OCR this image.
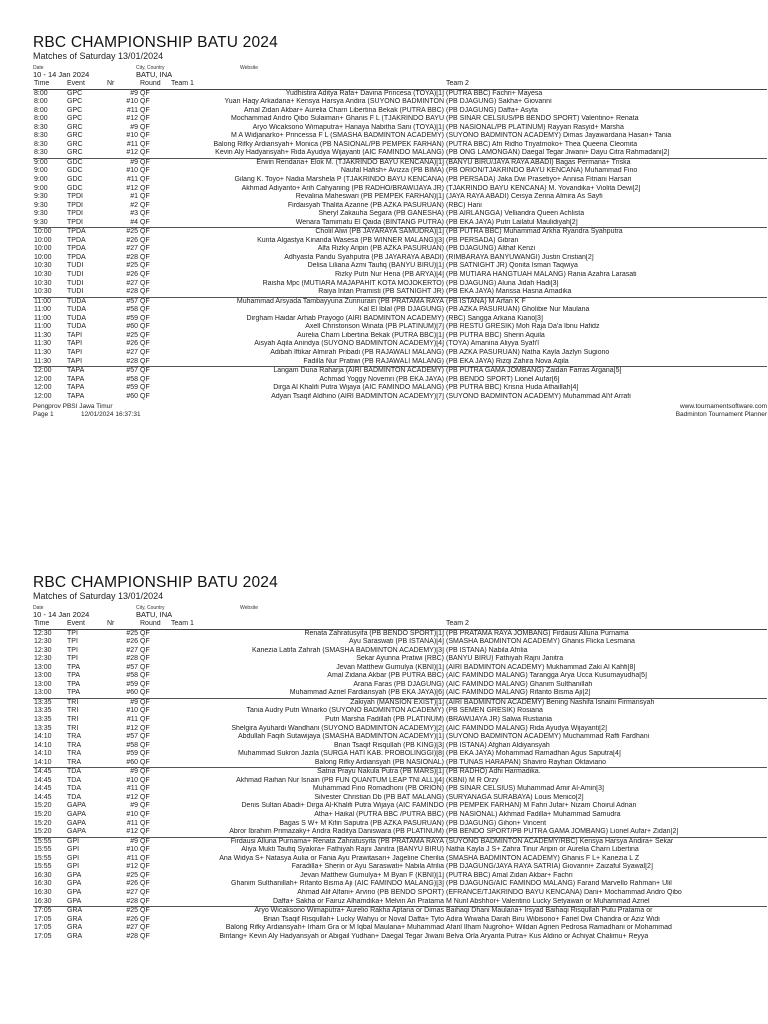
RBC CHAMPIONSHIP BATU 2024
Matches of Saturday 13/01/2024
Date
10 - 14 Jan 2024
City, Country
BATU, INA
Website
Time	Event	Nr	Round	Team 1	Team 2
8:00	GPC	#9	QF	Yudhistira Aditya Rafa+ Davina Princesa (TOYA)[1]	(PUTRA BBC) Fachri+ Mayesa
8:00	GPC	#10	QF	Yuan Haqy Arkadana+ Kensya Harsya Andira (SUYONO BADMINTON	(PB DJAGUNG) Sakha+ Giovanni
8:00	GPC	#11	QF	Amal Zidan Akbar+ Aurelia Charn Libertina Bekak (PUTRA BBC)	(PB DJAGUNG) Daffa+ Asyfa
8:00	GPC	#12	QF	Mochammad Andro Qibo Sulaiman+ Ghanis F L (TJAKRINDO BAYU	(PB SINAR CELSIUS/PB BENDO SPORT) Valentino+ Renata
8:30	GRC	#9	QF	Aryo Wicaksono Wimaputra+ Hanaya Nabitha Sani (TOYA)[1]	(PB NASIONAL/PB PLATINUM) Rayyan Rasyid+ Marsha
8:30	GRC	#10	QF	M A Widjanarko+ Princessa F L (SMASHA BADMINTON ACADEMY)	(SUYONO BADMINTON ACADEMY) Dimas Jayawardana Hasan+ Tania
8:30	GRC	#11	QF	Balong Rifky Ardiansyah+ Monica (PB NASIONAL/PB PEMPEK FARHAN)	(PUTRA BBC) Afri Ridho Triyatmoko+ Thea Queena Cleomita
8:30	GRC	#12	QF	Kevin Aly Hadyansyah+ Rida Ayudya Wijayanti (AIC FAMINDO MALANG)	(PB ONG LAMONGAN) Daegal Tegar Jiwani+ Dayu Citra Rahmadani[2]
9:00	GDC	#9	QF	Erwin Rendana+ Elok M. (TJAKRINDO BAYU KENCANA)[1]	(BANYU BIRU/JAYA RAYA ABADI) Bagas Permana+ Triska
9:00	GDC	#10	QF	Naufal Hafish+ Avizza (PB BIMA)	(PB ORION/TJAKRINDO BAYU KENCANA) Muhammad Fino
9:00	GDC	#11	QF	Gilang K. Toyo+ Nadia Marshela P (TJAKRINDO BAYU KENCANA)	(PB PERSADA) Jaka Dwi Prasetiyo+ Annisa Fitriani Harsari
9:00	GDC	#12	QF	Akhmad Adiyanto+ Arih Cahyaning (PB RADHO/BRAWIJAYA JR)	(TJAKRINDO BAYU KENCANA) M. Yovandika+ Violita Dewi[2]
9:30	TPDI	#1	QF	Revalina Maheswari (PB PEMPEK FARHAN)[1]	(JAYA RAYA ABADI) Ceisya Zerina Almira As Sayfi
9:30	TPDI	#2	QF	Firdaisyah Thalita Azarine (PB AZKA PASURUAN)	(RBC) Hani
9:30	TPDI	#3	QF	Sheryl Zakauha Segara (PB GANESHA)	(PB AIRLANGGA) Velliandra Queen Achlista
9:30	TPDI	#4	QF	Wenara Tamimatu El Qaida (BINTANG PUTRA)	(PB EKA JAYA) Putri Lailatul Maulidiyah[2]
10:00	TPDA	#25	QF	Cholil Alwi (PB JAYARAYA SAMUDRA)[1]	(PB PUTRA BBC) Muhammad Arkha Ryandra Syahputra
10:00	TPDA	#26	QF	Kunta Algastya Kinanda Wasesa (PB WINNER MALANG)[3]	(PB PERSADA) Gibran
10:00	TPDA	#27	QF	Alfa Rizky Aripin (PB AZKA PASURUAN)	(PB DJAGUNG) Althaf Kenzi
10:00	TPDA	#28	QF	Adhyasta Pandu Syahputra (PB JAYARAYA ABADI)	(RIMBARAYA BANYUWANGI) Justin Cristian[2]
10:30	TUDI	#25	QF	Delisa Liliana Azmi Taufiq (BANYU BIRU)[1]	(PB SATNIGHT JR) Qonita Isman Taqwiya
10:30	TUDI	#26	QF	Rizky Putri Nur Hena (PB ARYA)[4]	(PB MUTIARA HANGTUAH MALANG) Rania Azahra Larasati
10:30	TUDI	#27	QF	Raisha Mpc (MUTIARA MAJAPAHIT KOTA MOJOKERTO)	(PB DJAGUNG) Aluna Jidah Hadi[3]
10:30	TUDI	#28	QF	Raiya Intan Pramisti (PB SATNIGHT JR)	(PB EKA JAYA) Marissa Hasna Amadika
11:00	TUDA	#57	QF	Muhammad Arsyada Tambayyuna Zunnurain (PB PRATAMA RAYA	(PB ISTANA) M Arfan K F
11:00	TUDA	#58	QF	Kal El Iblal (PB DJAGUNG)	(PB AZKA PASURUAN) Gholibie Nur Maulana
11:00	TUDA	#59	QF	Dirgham Haidar Arhab Prayogo (AIRI BADMINTON ACADEMY)	(RBC) Sangga Arkana Kiano[3]
11:00	TUDA	#60	QF	Axell Christonson Winata (PB PLATINUM)[7]	(PB RESTU GRESIK) Moh Raja Da'a Ibnu Hafidz
11:30	TAPI	#25	QF	Aurelia Charn Libertina Bekak (PUTRA BBC)[1]	(PB PUTRA BBC) Sherin Aquila
11:30	TAPI	#26	QF	Aisyah Aqila Anindya (SUYONO BADMINTON ACADEMY)[4]	(TOYA) Amanina Aliyya Syafi'l
11:30	TAPI	#27	QF	Adibah Iftikar Almirah Pribadi (PB RAJAWALI MALANG)	(PB AZKA PASURUAN) Natha Kayla Jazlyn Sugiono
11:30	TAPI	#28	QF	Fadilla Nur Pratiwi (PB RAJAWALI MALANG)	(PB EKA JAYA) Rizqi Zahira Nova Aqila
12:00	TAPA	#57	QF	Langam Duna Raharja (AIRI BADMINTON ACADEMY)	(PB PUTRA GAMA JOMBANG) Zaidan Farras Argana[5]
12:00	TAPA	#58	QF	Achmad Yoggy Novemri (PB EKA JAYA)	(PB BENDO SPORT) Lionel Aufar[6]
12:00	TAPA	#59	QF	Dirga Al Khalifi Putra Wijaya (AIC FAMINDO MALANG)	(PB PUTRA BBC) Krisna Huda Athaillah[4]
12:00	TAPA	#60	QF	Adyan Tsaqif Aldhino (AIRI BADMINTON ACADEMY)[7]	(SUYONO BADMINTON ACADEMY) Muhammad Al'if Arrafi
Pengprov PBSI Jawa Timur
Page 1	12/01/2024 16:37:31
www.tournamentsoftware.com
Badminton Tournament Planner
RBC CHAMPIONSHIP BATU 2024
Matches of Saturday 13/01/2024
Date
10 - 14 Jan 2024
City, Country
BATU, INA
Website
Time	Event	Nr	Round	Team 1	Team 2
12:30	TPI	#25	QF	Renata Zahratusyifa (PB BENDO SPORT)[1]	(PB PRATAMA RAYA JOMBANG) Firdausi Alluna Purnama
12:30	TPI	#26	QF	Ayu Saraswati (PB ISTANA)[4]	(SMASHA BADMINTON ACADEMY) Ghanis Flicka Lesmana
12:30	TPI	#27	QF	Kanezia Latifa Zahrah (SMASHA BADMINTON ACADEMY)[3]	(PB ISTANA) Nabila Afrilia
12:30	TPI	#28	QF	Sekar Ayunna Pratiwi (RBC)	(BANYU BIRU) Fathiyah Rajni Janitra
13:00	TPA	#57	QF	Jevan Matthew Gumulya (KBNI)[1]	(AIRI BADMINTON ACADEMY) Mukhammad Zaki Al Kahfi[8]
13:00	TPA	#58	QF	Amal Zidana Akbar (PB PUTRA BBC)	(AIC FAMINDO MALANG) Tarangga Arya Ucca Kusumayudha[5]
13:00	TPA	#59	QF	Arana Faras (PB DJAGUNG)	(AIC FAMINDO MALANG) Ghanim Sulthanillah
13:00	TPA	#60	QF	Muhammad Azriel Fardiansyah (PB EKA JAYA)[6]	(AIC FAMINDO MALANG) Rifanto Bisma Aji[2]
13:35	TRI	#9	QF	Zakiyah (MANSION EXIST)[1]	(AIRI BADMINTON ACADEMY) Bening Nashifa Isnaini Firmansyah
13:35	TRI	#10	QF	Tania Audry Putri Winarko (SUYONO BADMINTON ACADEMY)	(PB SEMEN GRESIK) Rosiana
13:35	TRI	#11	QF	Putri Marsha Fadillah (PB PLATINUM)	(BRAWIJAYA JR) Salwa Rustiania
13:35	TRI	#12	QF	Shelgira Ayuhardi Wandhani (SUYONO BADMINTON ACADEMY)[2]	(AIC FAMINDO MALANG) Rida Ayudya Wijayanti[2]
14:10	TRA	#57	QF	Abdullah Faqih Sutawijaya (SMASHA BADMINTON ACADEMY)[1]	(SUYONO BADMINTON ACADEMY) Muchammad Raffi Fardhani
14:10	TRA	#58	QF	Brian Tsaqif Risqullah (PB KING)[3]	(PB ISTANA) Afghan Aldiyansyah
14:10	TRA	#59	QF	Muhammad Sukron Jazila (SURGA HATI KAB. PROBOLINGGI)[8]	(PB EKA JAYA) Mohammad Ramadhan Agus Saputra[4]
14:10	TRA	#60	QF	Balong Rifky Ardiansyah (PB NASIONAL)	(PB TUNAS HARAPAN) Shaviro Rayhan Oktaviano
14:45	TDA	#9	QF	Satria Prayu Nakula Putra (PB MARS)[1]	(PB RADHO) Adhi Harmadika.
14:45	TDA	#10	QF	Akhmad Raihan Nur Isnain (PB FUN QUANTUM LEAP TNI ALL)[4]	(KBNI) M R Orzy
14:45	TDA	#11	QF	Muhammad Fino Romadhoni (PB ORION)	(PB SINAR CELSIUS) Muhammad Amir Al-Amin[3]
14:45	TDA	#12	QF	Silvester Christian Db (PB BAT MALANG)	(SURYANAGA SURABAYA) Louis Menico[2]
15:20	GAPA	#9	QF	Denis Sultan Abadi+ Dirga Al-Khalifi Putra Wijaya (AIC FAMINDO	(PB PEMPEK FARHAN) M Fahri Jufar+ Nizam Choirul Adnan
15:20	GAPA	#10	QF	Atha+ Haikal (PUTRA BBC /PUTRA BBC)	(PB NASIONAL) Akhmad Fadilla+ Muhammad Samudra
15:20	GAPA	#11	QF	Bagas S W+ M Kifin Saputra (PB AZKA PASURUAN)	(PB DJAGUNG) Gihon+ Vincent
15:20	GAPA	#12	QF	Abror Ibrahim Primazaky+ Andra Raditya Daniswara (PB PLATINUM)	(PB BENDO SPORT/PB PUTRA GAMA JOMBANG) Lionel Aufar+ Zidan[2]
15:55	GPI	#9	QF	Firdausi Alluna Purnama+ Renata Zahratusyifa (PB PRATAMA RAYA	(SUYONO BADMINTON ACADEMY/RBC) Kensya Harsya Andira+ Sekar
15:55	GPI	#10	QF	Aliya Mukti Taufiq Syakira+ Fathiyah Rajni Janitra (BANYU BIRU)	Natha Kayla J S+ Zahra Tinur Aripin or Aurelia Charn Libertina
15:55	GPI	#11	QF	Ana Widya S+ Natasya Aulia or Fania Ayu Prawitasari+ Jageline Cherilia	(SMASHA BADMINTON ACADEMY) Ghanis F L+ Kanezia L Z
15:55	GPI	#12	QF	Faradilla+ Sherin or Ayu Saraswati+ Nabila Afrilia	(PB DJAGUNG/JAYA RAYA SATRIA) Giovanni+ Zaizaful Syawal[2]
16:30	GPA	#25	QF	Jevan Matthew Gumulya+ M Byan F (KBNI)[1]	(PUTRA BBC) Amal Zidan Akbar+ Fachri
16:30	GPA	#26	QF	Ghanim Sulthanillah+ Rifanto Bisma Aji (AIC FAMINDO MALANG)[3]	(PB DJAGUNG/AIC FAMINDO MALANG) Farand Marvello Rahman+ Ulil
16:30	GPA	#27	QF	Ahmad Alif Alfani+ Arvino (PB BENDO SPORT)	(EFRANCE/TJAKRINDO BAYU KENCANA) Dani+ Mochammad Andro Qibo
16:30	GPA	#28	QF	Daffa+ Sakha or Fairuz Alhamdika+ Melvin Ari Pratama	M Nuril Abshhor+ Valentino Lucky Setyawan or Muhammad Azriel
17:05	GRA	#25	QF	Aryo Wicaksono Wimaputra+ Aurelio Rakha Aptana or Dimas	Baihaqi Dhani Maulana+ Irsyad Baihaqi Risqullah Putu Pratama or
17:05	GRA	#26	QF	Brian Tsaqif Risqullah+ Lucky Wahyu or Noval Daffa+ Tyto	Adira Wiwaha Darah Biru Wibisono+ Fariel Dwi Chandra or Aziz Widi
17:05	GRA	#27	QF	Balong Rifky Ardiansyah+ Irham Gra or M Iqbal Maulana+ Muhammad	Afaril Ilham Nugroho+ Wildan Agrien Pedrosa Ramadhani or Mohammad
17:05	GRA	#28	QF	Bintang+ Kevin Aly Hadyansyah or Abigail Yudhan+ Daegal Tegar Jiwani	Belva Orla Aryanta Putra+ Kus Aldino or Achiyat Chalimu+ Reyya
